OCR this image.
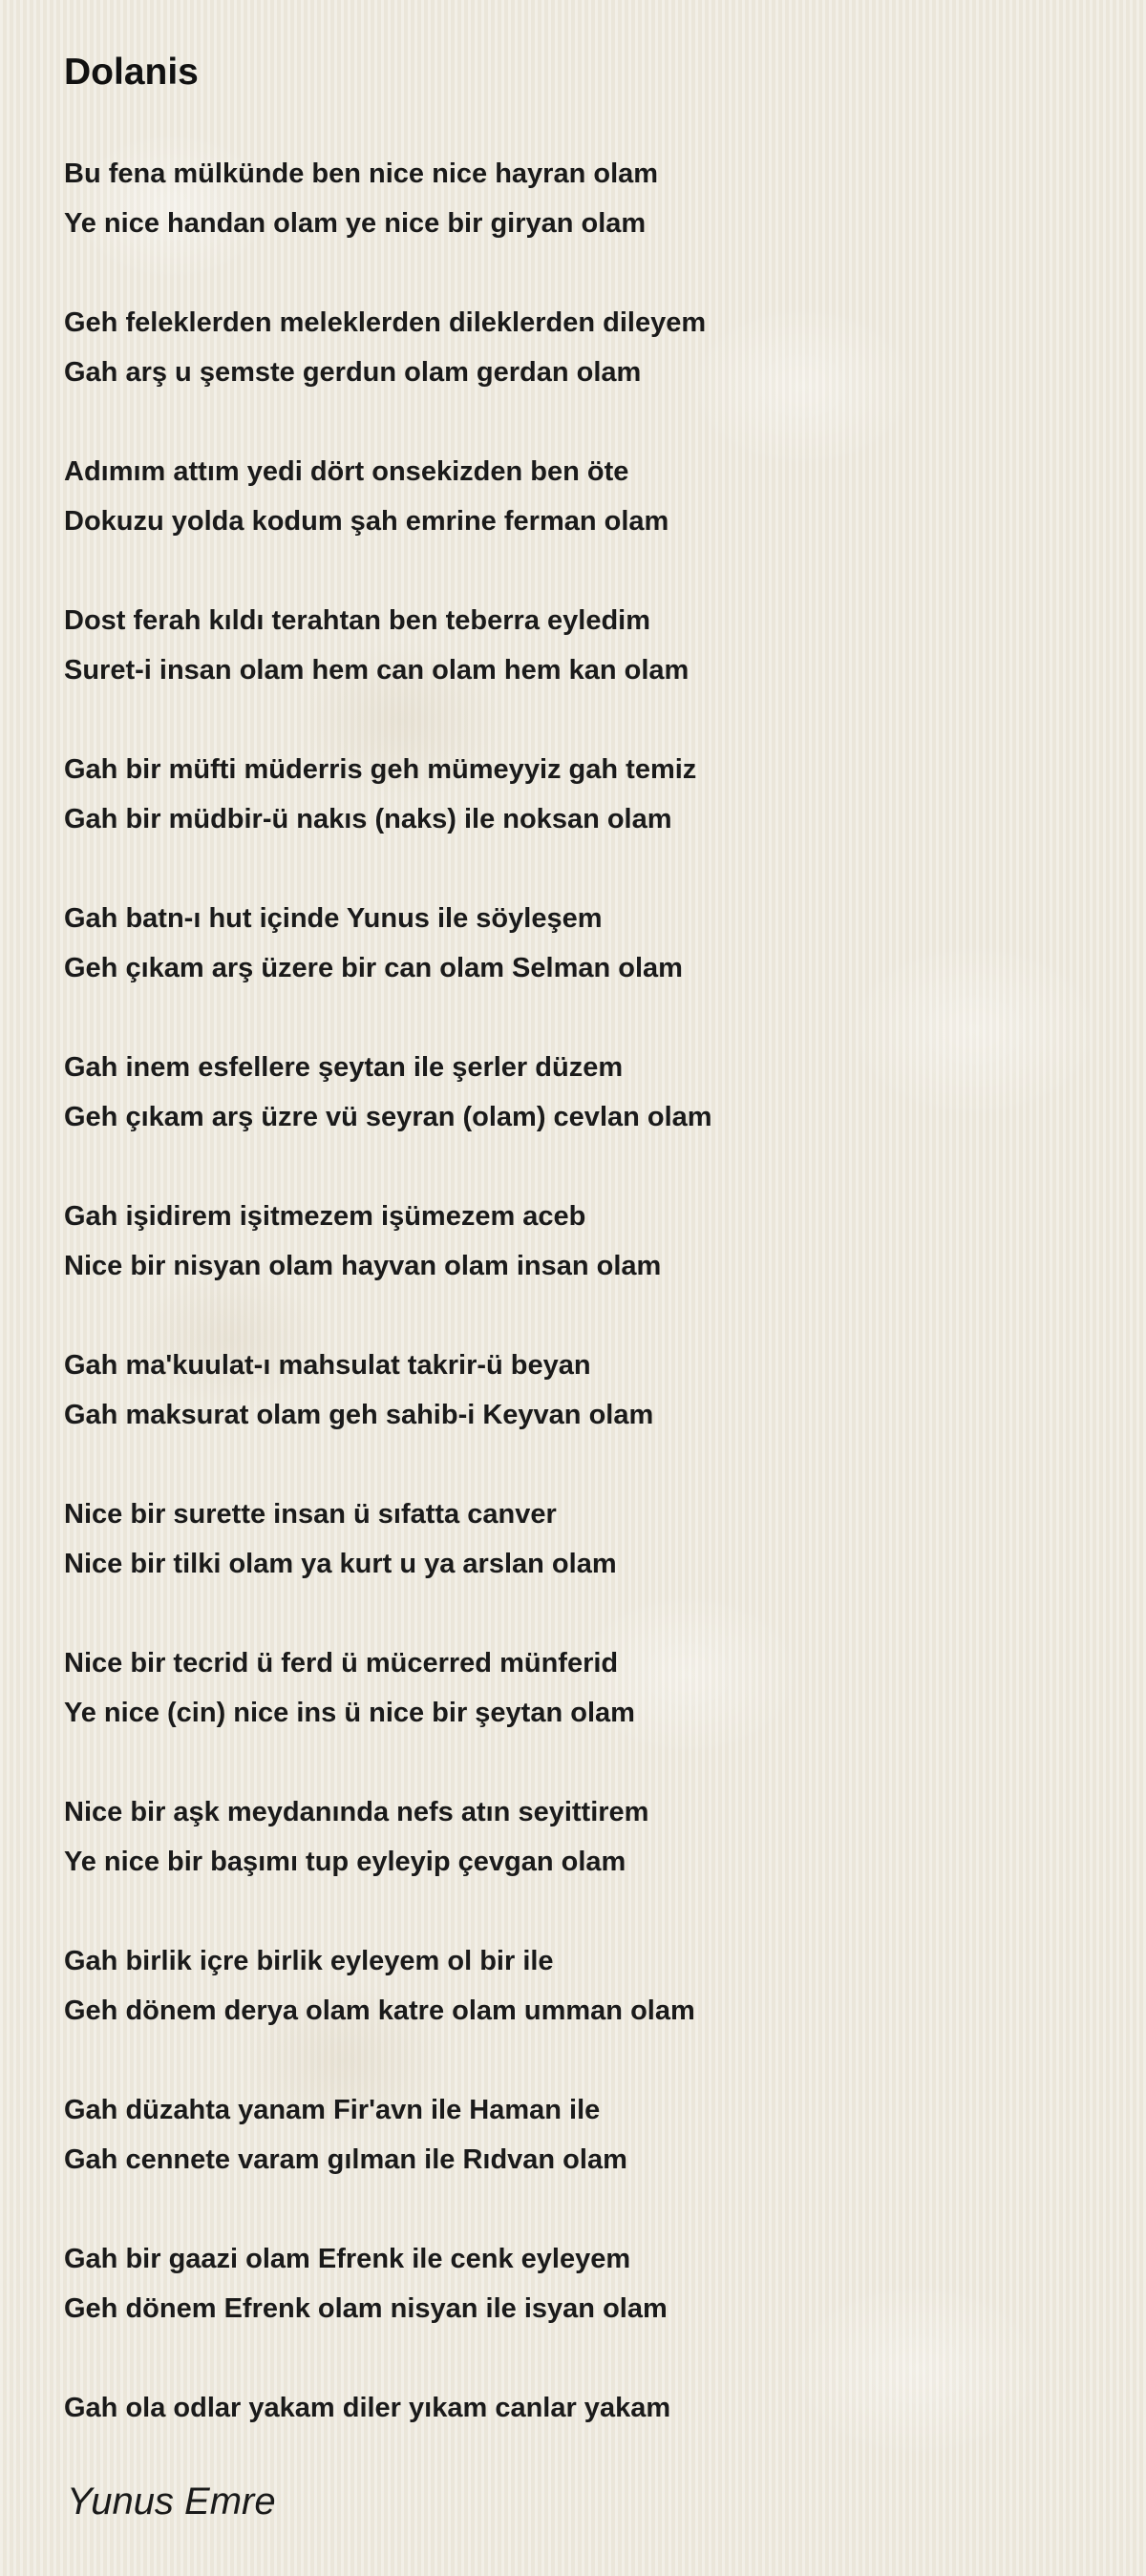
Dolanis
Bu fena mülkünde ben nice nice hayran olam
Ye nice handan olam ye nice bir giryan olam
Geh feleklerden meleklerden dileklerden dileyem
Gah arş u şemste gerdun olam gerdan olam
Adımım attım yedi dört onsekizden ben öte
Dokuzu yolda kodum şah emrine ferman olam
Dost ferah kıldı terahtan ben teberra eyledim
Suret-i insan olam hem can olam hem kan olam
Gah bir müfti müderris geh mümeyyiz gah temiz
Gah bir müdbir-ü nakıs (naks) ile noksan olam
Gah batn-ı hut içinde Yunus ile söyleşem
Geh çıkam arş üzere bir can olam Selman olam
Gah inem esfellere şeytan ile şerler düzem
Geh çıkam arş üzre vü seyran (olam) cevlan olam
Gah işidirem işitmezem işümezem aceb
Nice bir nisyan olam hayvan olam insan olam
Gah ma'kuulat-ı mahsulat takrir-ü beyan
Gah maksurat olam geh sahib-i Keyvan olam
Nice bir surette insan ü sıfatta canver
Nice bir tilki olam ya kurt u ya arslan olam
Nice bir tecrid ü ferd ü mücerred münferid
Ye nice (cin) nice ins ü nice bir şeytan olam
Nice bir aşk meydanında nefs atın seyittirem
Ye nice bir başımı tup eyleyip çevgan olam
Gah birlik içre birlik eyleyem ol bir ile
Geh dönem derya olam katre olam umman olam
Gah düzahta yanam Fir'avn ile Haman ile
Gah cennete varam gılman ile Rıdvan olam
Gah bir gaazi olam Efrenk ile cenk eyleyem
Geh dönem Efrenk olam nisyan ile isyan olam
Gah ola odlar yakam diler yıkam canlar yakam
Yunus Emre
